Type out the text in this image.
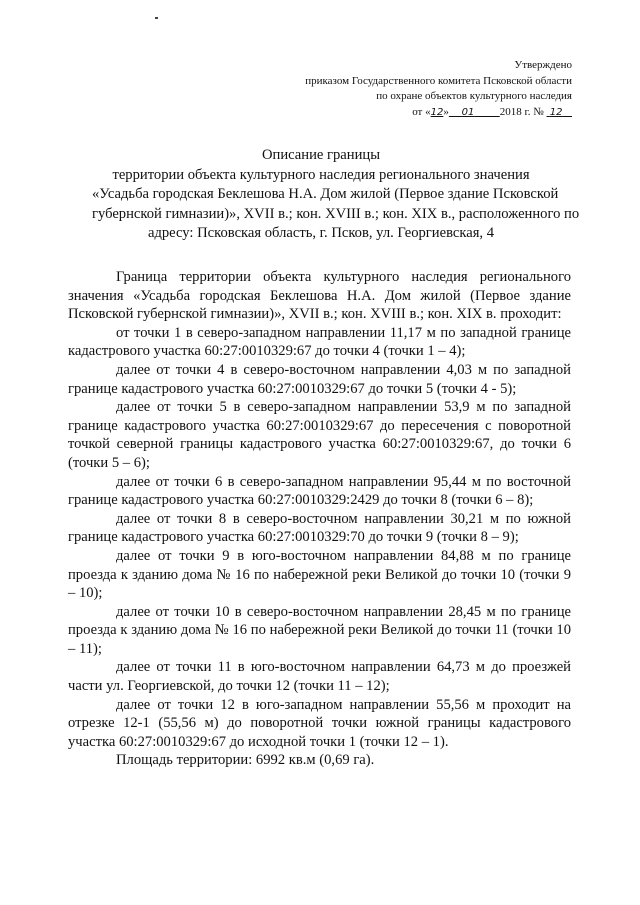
Утверждено
приказом Государственного комитета Псковской области
по охране объектов культурного наследия
от «12» 01 2018 г. № 12
Описание границы
территории объекта культурного наследия регионального значения
«Усадьба городская Беклешова Н.А. Дом жилой (Первое здание Псковской
губернской гимназии)», XVII в.; кон. XVIII в.; кон. XIX в., расположенного по
адресу: Псковская область, г. Псков, ул. Георгиевская, 4

Граница территории объекта культурного наследия регионального значения «Усадьба городская Беклешова Н.А. Дом жилой (Первое здание Псковской губернской гимназии)», XVII в.; кон. XVIII в.; кон. XIX в. проходит:

от точки 1 в северо-западном направлении 11,17 м по западной границе кадастрового участка 60:27:0010329:67 до точки 4 (точки 1 – 4);

далее от точки 4 в северо-восточном направлении 4,03 м по западной границе кадастрового участка 60:27:0010329:67 до точки 5 (точки 4 - 5);

далее от точки 5 в северо-западном направлении 53,9 м по западной границе кадастрового участка 60:27:0010329:67 до пересечения с поворотной точкой северной границы кадастрового участка 60:27:0010329:67, до точки 6 (точки 5 – 6);

далее от точки 6 в северо-западном направлении 95,44 м по восточной границе кадастрового участка 60:27:0010329:2429 до точки 8 (точки 6 – 8);

далее от точки 8 в северо-восточном направлении 30,21 м по южной границе кадастрового участка 60:27:0010329:70 до точки 9 (точки 8 – 9);

далее от точки 9 в юго-восточном направлении 84,88 м по границе проезда к зданию дома № 16 по набережной реки Великой до точки 10 (точки 9 – 10);

далее от точки 10 в северо-восточном направлении 28,45 м по границе проезда к зданию дома № 16 по набережной реки Великой до точки 11 (точки 10 – 11);

далее от точки 11 в юго-восточном направлении 64,73 м до проезжей части ул. Георгиевской, до точки 12 (точки 11 – 12);

далее от точки 12 в юго-западном направлении 55,56 м проходит на отрезке 12-1 (55,56 м) до поворотной точки южной границы кадастрового участка 60:27:0010329:67 до исходной точки 1 (точки 12 – 1).

Площадь территории: 6992 кв.м (0,69 га).
